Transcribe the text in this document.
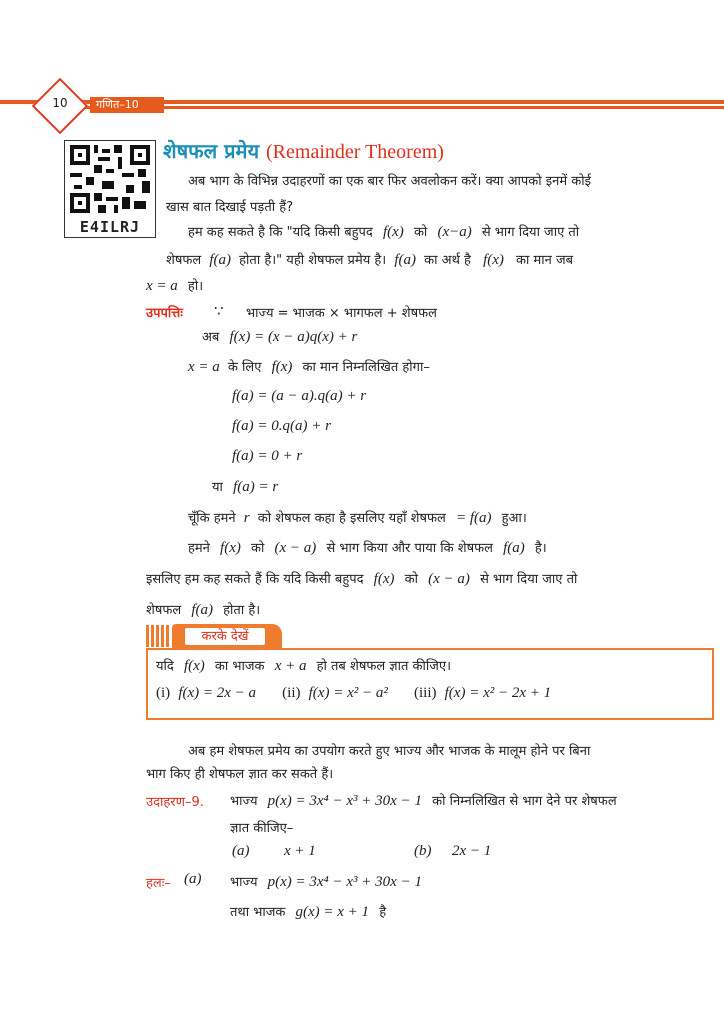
10	गणित–10
E4ILRJ
शेषफल प्रमेय (Remainder Theorem)
अब भाग के विभिन्न उदाहरणों का एक बार फिर अवलोकन करें। क्या आपको इनमें कोई
खास बात दिखाई पड़ती हैं?
हम कह सकते है कि "यदि किसी बहुपद f(x) को (x−a) से भाग दिया जाए तो
शेषफल f(a) होता है।" यही शेषफल प्रमेय है। f(a) का अर्थ है f(x) का मान जब
x = a हो।
उपपत्तिः ∵ भाज्य = भाजक × भागफल + शेषफल
अब f(x) = (x − a)q(x) + r
x = a के लिए f(x) का मान निम्नलिखित होगा–
f(a) = (a − a).q(a) + r
f(a) = 0.q(a) + r
f(a) = 0 + r
या f(a) = r
चूँकि हमने r को शेषफल कहा है इसलिए यहाँ शेषफल = f(a) हुआ।
हमने f(x) को (x − a) से भाग किया और पाया कि शेषफल f(a) है।
इसलिए हम कह सकते हैं कि यदि किसी बहुपद f(x) को (x − a) से भाग दिया जाए तो
शेषफल f(a) होता है।
करके देखें
यदि f(x) का भाजक x + a हो तब शेषफल ज्ञात कीजिए।
(i) f(x) = 2x − a (ii) f(x) = x² − a² (iii) f(x) = x² − 2x + 1
अब हम शेषफल प्रमेय का उपयोग करते हुए भाज्य और भाजक के मालूम होने पर बिना
भाग किए ही शेषफल ज्ञात कर सकते हैं।
उदाहरण–9. भाज्य p(x) = 3x⁴ − x³ + 30x − 1 को निम्नलिखित से भाग देने पर शेषफल
ज्ञात कीजिए–
(a) x + 1	(b) 2x − 1
हलः– (a) भाज्य p(x) = 3x⁴ − x³ + 30x − 1
तथा भाजक g(x) = x + 1 है
